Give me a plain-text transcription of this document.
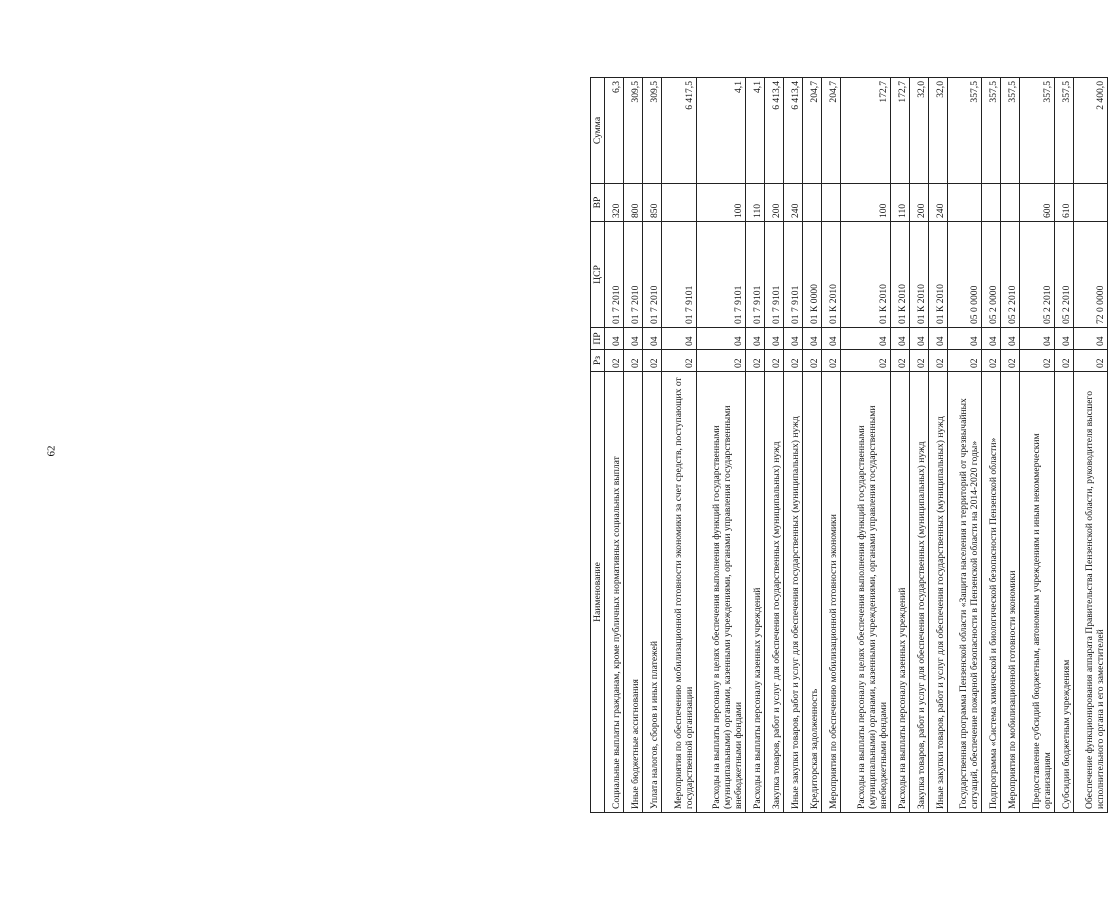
62
Наименование	Рз	ПР	ЦСР	ВР	Сумма
Социальные выплаты гражданам, кроме публичных нормативных социальных выплат	02	04	01 7 2010	320	6,3
Иные бюджетные ассигнования	02	04	01 7 2010	800	309,5
Уплата налогов, сборов и иных платежей	02	04	01 7 2010	850	309,5
Мероприятия по обеспечению мобилизационной готовности экономики за счет средств, поступающих от государственной организации	02	04	01 7 9101		6 417,5
Расходы на выплаты персоналу в целях обеспечения выполнения функций государственными (муниципальными) органами, казенными учреждениями, органами управления государственными внебюджетными фондами	02	04	01 7 9101	100	4,1
Расходы на выплаты персоналу казенных учреждений	02	04	01 7 9101	110	4,1
Закупка товаров, работ и услуг для обеспечения государственных (муниципальных) нужд	02	04	01 7 9101	200	6 413,4
Иные закупки товаров, работ и услуг для обеспечения государственных (муниципальных) нужд	02	04	01 7 9101	240	6 413,4
Кредиторская задолженность	02	04	01 К 0000		204,7
Мероприятия по обеспечению мобилизационной готовности экономики	02	04	01 К 2010		204,7
Расходы на выплаты персоналу в целях обеспечения выполнения функций государственными (муниципальными) органами, казенными учреждениями, органами управления государственными внебюджетными фондами	02	04	01 К 2010	100	172,7
Расходы на выплаты персоналу казенных учреждений	02	04	01 К 2010	110	172,7
Закупка товаров, работ и услуг для обеспечения государственных (муниципальных) нужд	02	04	01 К 2010	200	32,0
Иные закупки товаров, работ и услуг для обеспечения государственных (муниципальных) нужд	02	04	01 К 2010	240	32,0
Государственная программа Пензенской области «Защита населения и территорий от чрезвычайных ситуаций, обеспечение пожарной безопасности в Пензенской области на 2014-2020 годы»	02	04	05 0 0000		357,5
Подпрограмма «Система химической и биологической безопасности Пензенской области»	02	04	05 2 0000		357,5
Мероприятия по мобилизационной готовности экономики	02	04	05 2 2010		357,5
Предоставление субсидий бюджетным, автономным учреждениям и иным некоммерческим организациям	02	04	05 2 2010	600	357,5
Субсидии бюджетным учреждениям	02	04	05 2 2010	610	357,5
Обеспечение функционирования аппарата Правительства Пензенской области, руководителя высшего исполнительного органа и его заместителей	02	04	72 0 0000		2 400,0
